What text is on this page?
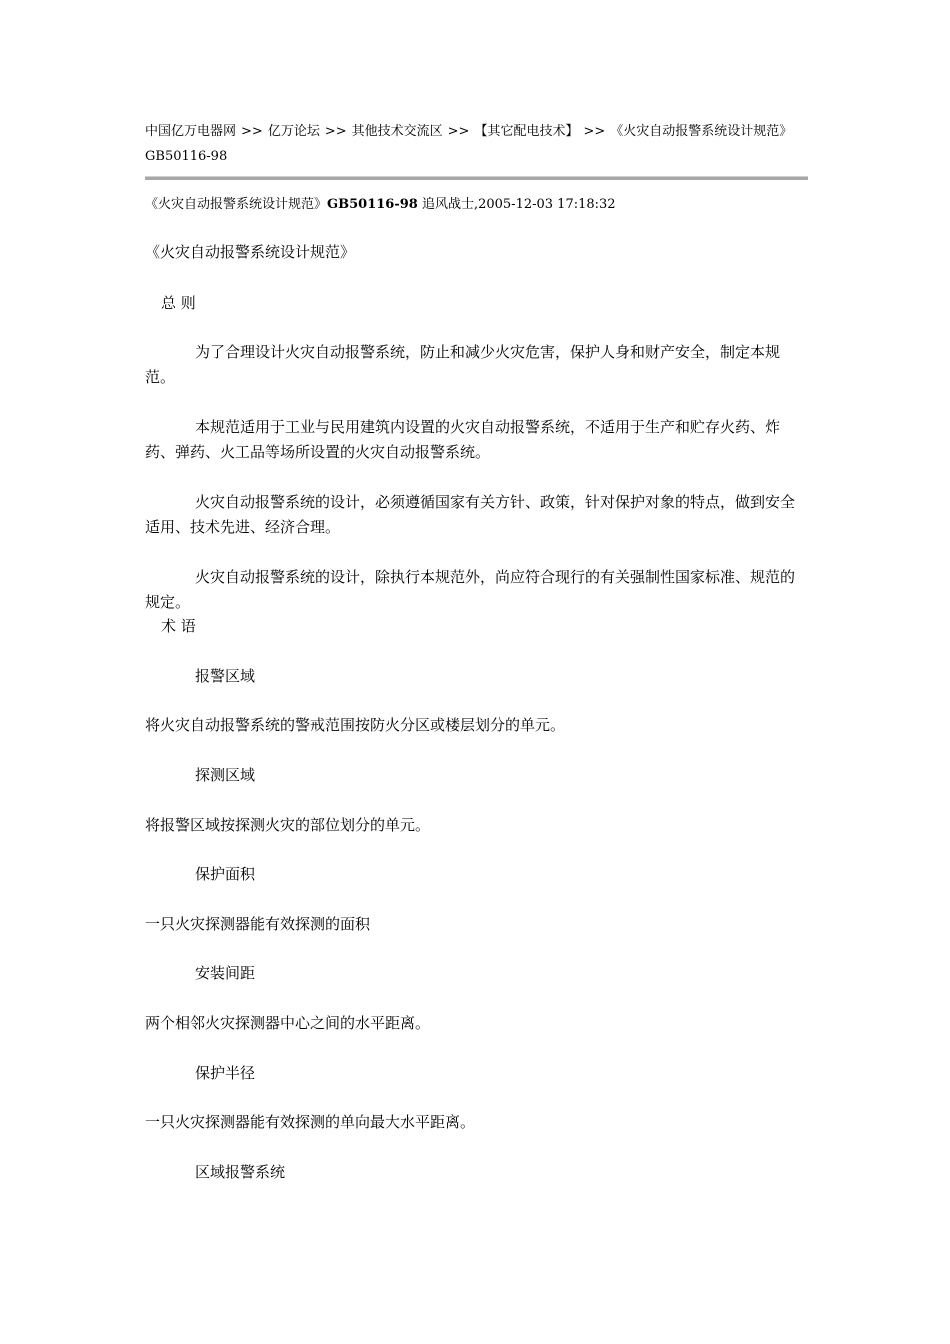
中国亿万电器网 >> 亿万论坛 >> 其他技术交流区 >> 【其它配电技术】 >> 《火灾自动报警系统设计规范》GB50116-98
《火灾自动报警系统设计规范》GB50116-98 追风战士,2005-12-03 17:18:32
《火灾自动报警系统设计规范》
总 则
为了合理设计火灾自动报警系统，防止和减少火灾危害，保护人身和财产安全，制定本规范。
本规范适用于工业与民用建筑内设置的火灾自动报警系统，不适用于生产和贮存火药、炸药、弹药、火工品等场所设置的火灾自动报警系统。
火灾自动报警系统的设计，必须遵循国家有关方针、政策，针对保护对象的特点，做到安全适用、技术先进、经济合理。
火灾自动报警系统的设计，除执行本规范外，尚应符合现行的有关强制性国家标准、规范的规定。
术 语
报警区域
将火灾自动报警系统的警戒范围按防火分区或楼层划分的单元。
探测区域
将报警区域按探测火灾的部位划分的单元。
保护面积
一只火灾探测器能有效探测的面积
安装间距
两个相邻火灾探测器中心之间的水平距离。
保护半径
一只火灾探测器能有效探测的单向最大水平距离。
区域报警系统
